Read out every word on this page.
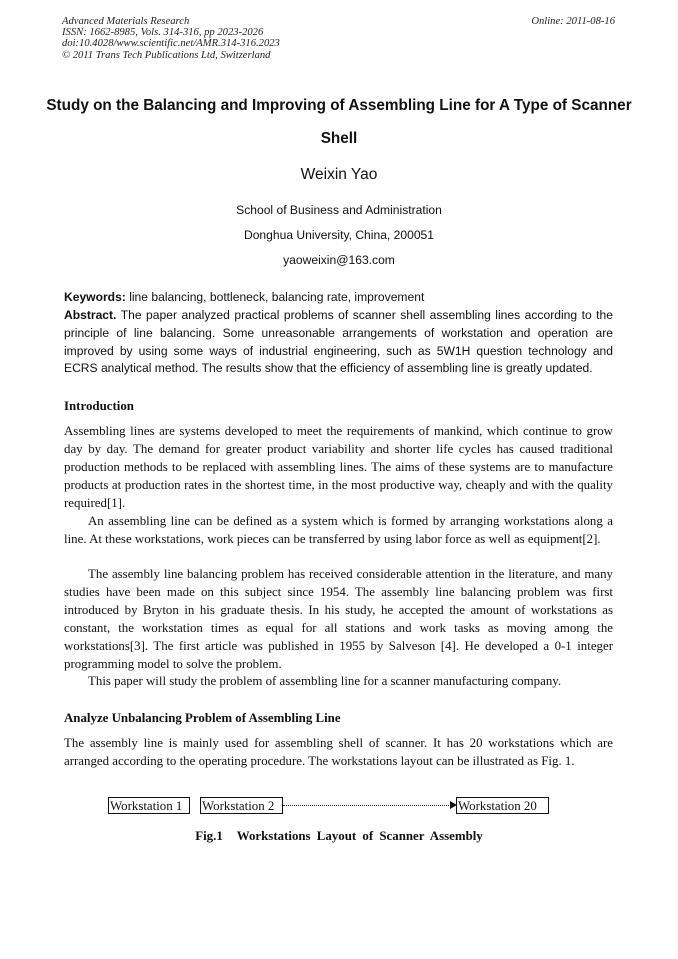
Advanced Materials Research
ISSN: 1662-8985, Vols. 314-316, pp 2023-2026
doi:10.4028/www.scientific.net/AMR.314-316.2023
© 2011 Trans Tech Publications Ltd, Switzerland
Online: 2011-08-16
Study on the Balancing and Improving of Assembling Line for A Type of Scanner Shell
Weixin Yao
School of Business and Administration
Donghua University, China, 200051
yaoweixin@163.com
Keywords: line balancing, bottleneck, balancing rate, improvement
Abstract. The paper analyzed practical problems of scanner shell assembling lines according to the principle of line balancing. Some unreasonable arrangements of workstation and operation are improved by using some ways of industrial engineering, such as 5W1H question technology and ECRS analytical method. The results show that the efficiency of assembling line is greatly updated.
Introduction
Assembling lines are systems developed to meet the requirements of mankind, which continue to grow day by day. The demand for greater product variability and shorter life cycles has caused traditional production methods to be replaced with assembling lines. The aims of these systems are to manufacture products at production rates in the shortest time, in the most productive way, cheaply and with the quality required[1].
An assembling line can be defined as a system which is formed by arranging workstations along a line. At these workstations, work pieces can be transferred by using labor force as well as equipment[2].
The assembly line balancing problem has received considerable attention in the literature, and many studies have been made on this subject since 1954. The assembly line balancing problem was first introduced by Bryton in his graduate thesis. In his study, he accepted the amount of workstations as constant, the workstation times as equal for all stations and work tasks as moving among the workstations[3]. The first article was published in 1955 by Salveson [4]. He developed a 0-1 integer programming model to solve the problem.
This paper will study the problem of assembling line for a scanner manufacturing company.
Analyze Unbalancing Problem of Assembling Line
The assembly line is mainly used for assembling shell of scanner. It has 20 workstations which are arranged according to the operating procedure. The workstations layout can be illustrated as Fig. 1.
Workstation 1	Workstation 2	Workstation 20
Fig.1 Workstations Layout of Scanner Assembly
